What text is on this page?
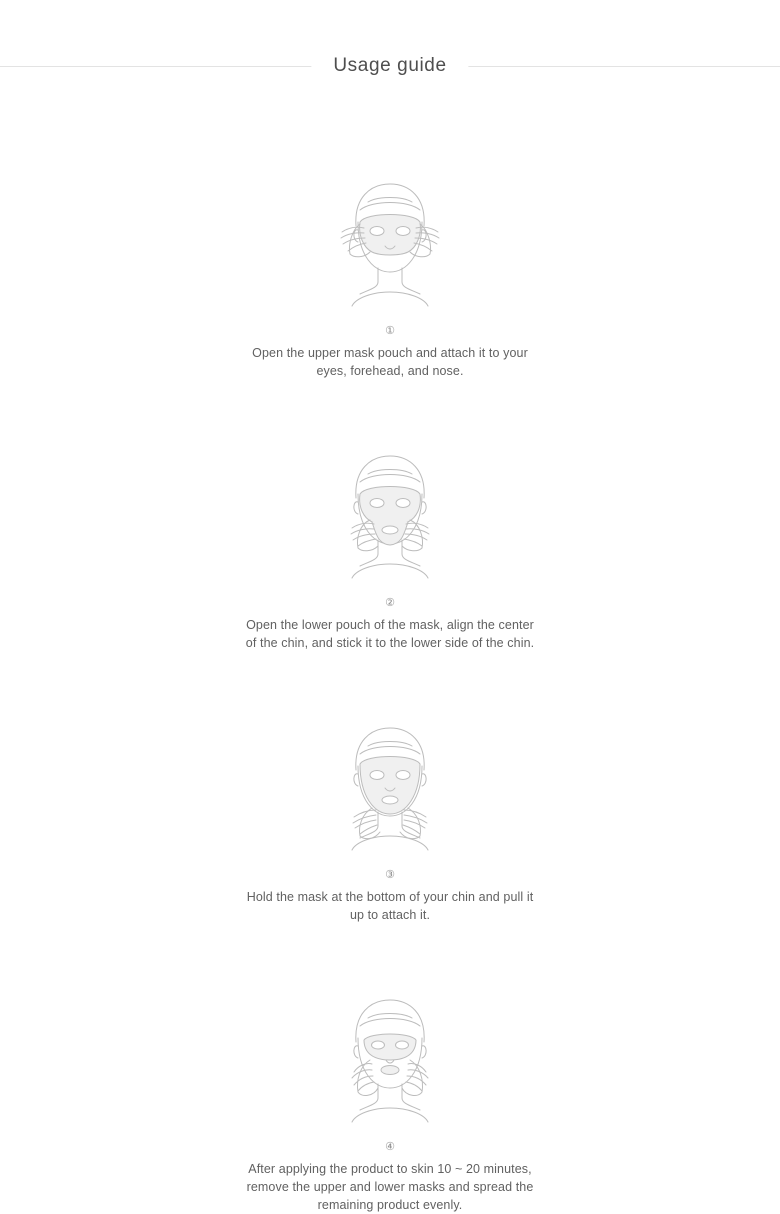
Usage guide
①
Open the upper mask pouch and attach it to your eyes, forehead, and nose.
②
Open the lower pouch of the mask, align the center of the chin, and stick it to the lower side of the chin.
③
Hold the mask at the bottom of your chin and pull it up to attach it.
④
After applying the product to skin 10 ~ 20 minutes, remove the upper and lower masks and spread the remaining product evenly.
